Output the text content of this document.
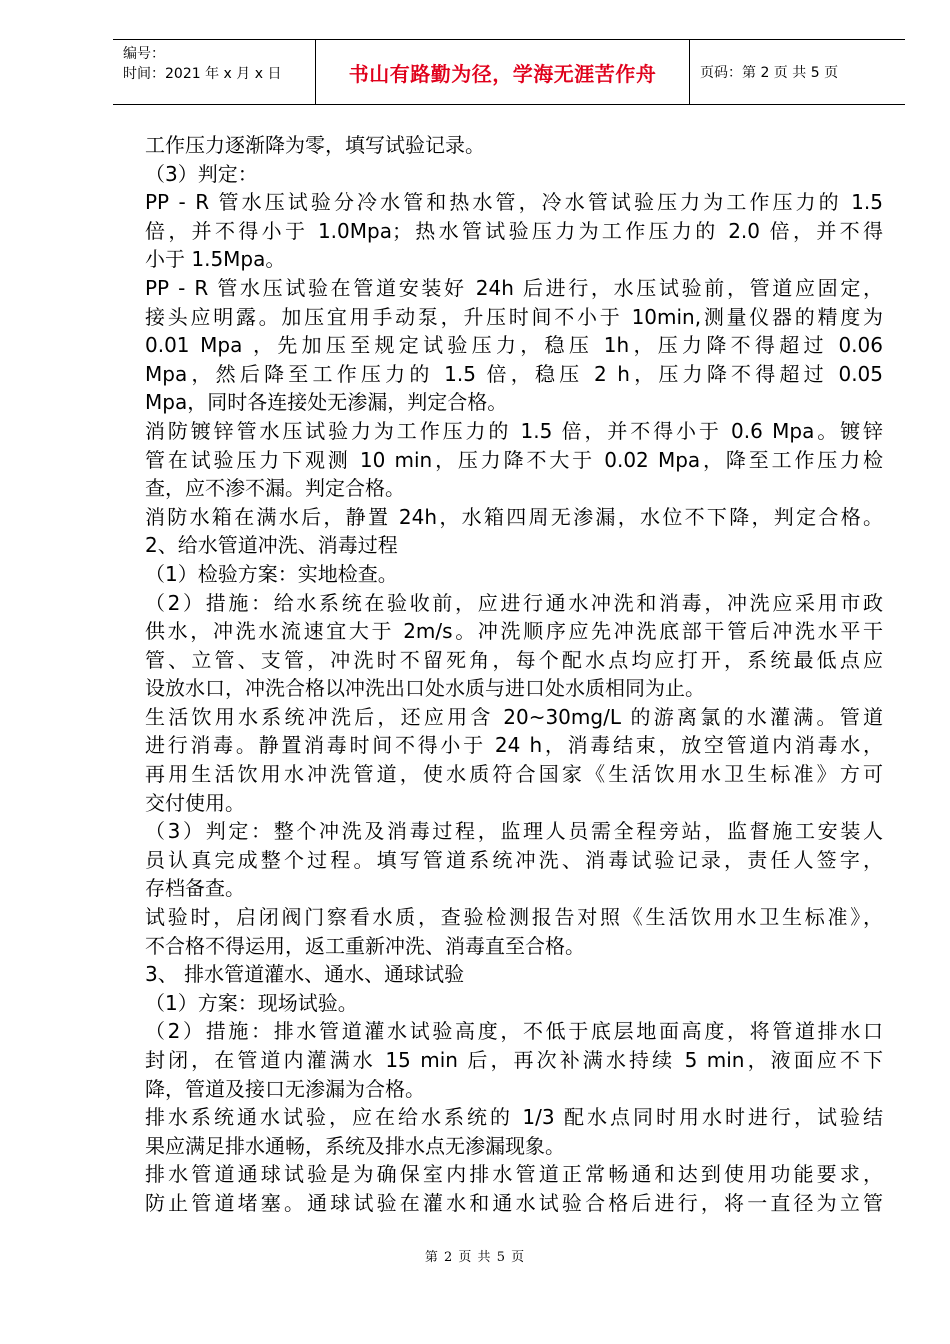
编号：
时间：2021 年 x 月 x 日	书山有路勤为径，学海无涯苦作舟	页码：第 2 页 共 5 页
工作压力逐渐降为零，填写试验记录。
（3）判定：
PP - R 管水压试验分冷水管和热水管，冷水管试验压力为工作压力的 1.5
倍，并不得小于 1.0Mpa；热水管试验压力为工作压力的 2.0 倍，并不得
小于 1.5Mpa。
PP - R 管水压试验在管道安装好 24h 后进行，水压试验前，管道应固定，
接头应明露。加压宜用手动泵，升压时间不小于 10min,测量仪器的精度为
0.01 Mpa ，先加压至规定试验压力，稳压 1h，压力降不得超过 0.06
Mpa，然后降至工作压力的 1.5 倍，稳压 2 h，压力降不得超过 0.05
Mpa，同时各连接处无渗漏，判定合格。
消防镀锌管水压试验力为工作压力的 1.5 倍，并不得小于 0.6 Mpa。镀锌
管在试验压力下观测 10 min，压力降不大于 0.02 Mpa，降至工作压力检
查，应不渗不漏。判定合格。
消防水箱在满水后，静置 24h，水箱四周无渗漏，水位不下降，判定合格。
2、给水管道冲洗、消毒过程
（1）检验方案：实地检查。
（2）措施：给水系统在验收前，应进行通水冲洗和消毒，冲洗应采用市政
供水，冲洗水流速宜大于 2m/s。冲洗顺序应先冲洗底部干管后冲洗水平干
管、立管、支管，冲洗时不留死角，每个配水点均应打开，系统最低点应
设放水口，冲洗合格以冲洗出口处水质与进口处水质相同为止。
生活饮用水系统冲洗后，还应用含 20~30mg/L 的游离氯的水灌满。管道
进行消毒。静置消毒时间不得小于 24 h，消毒结束，放空管道内消毒水，
再用生活饮用水冲洗管道，使水质符合国家《生活饮用水卫生标准》方可
交付使用。
（3）判定：整个冲洗及消毒过程，监理人员需全程旁站，监督施工安装人
员认真完成整个过程。填写管道系统冲洗、消毒试验记录，责任人签字，
存档备查。
试验时，启闭阀门察看水质，查验检测报告对照《生活饮用水卫生标准》，
不合格不得运用，返工重新冲洗、消毒直至合格。
3、 排水管道灌水、通水、通球试验
（1）方案：现场试验。
（2）措施：排水管道灌水试验高度，不低于底层地面高度，将管道排水口
封闭，在管道内灌满水 15 min 后，再次补满水持续 5 min，液面应不下
降，管道及接口无渗漏为合格。
排水系统通水试验，应在给水系统的 1/3 配水点同时用水时进行，试验结
果应满足排水通畅，系统及排水点无渗漏现象。
排水管道通球试验是为确保室内排水管道正常畅通和达到使用功能要求，
防止管道堵塞。通球试验在灌水和通水试验合格后进行，将一直径为立管
第 2 页 共 5 页
